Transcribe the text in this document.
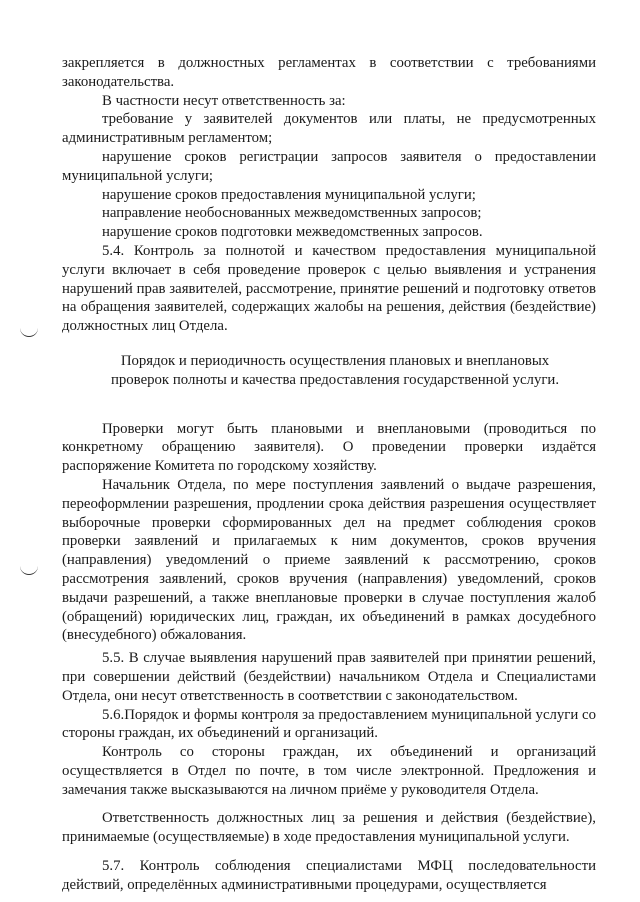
закрепляется в должностных регламентах в соответствии с требованиями законодательства.

В частности несут ответственность за:

требование у заявителей документов или платы, не предусмотренных административным регламентом;

нарушение сроков регистрации запросов заявителя о предоставлении муниципальной услуги;

нарушение сроков предоставления муниципальной услуги;

направление необоснованных межведомственных запросов;

нарушение сроков подготовки межведомственных запросов.

5.4. Контроль за полнотой и качеством предоставления муниципальной услуги включает в себя проведение проверок с целью выявления и устранения нарушений прав заявителей, рассмотрение, принятие решений и подготовку ответов на обращения заявителей, содержащих жалобы на решения, действия (бездействие) должностных лиц Отдела.

Порядок и периодичность осуществления плановых и внеплановых проверок полноты и качества предоставления государственной услуги.

Проверки могут быть плановыми и внеплановыми (проводиться по конкретному обращению заявителя). О проведении проверки издаётся распоряжение Комитета по городскому хозяйству.

Начальник Отдела, по мере поступления заявлений о выдаче разрешения, переоформлении разрешения, продлении срока действия разрешения осуществляет выборочные проверки сформированных дел на предмет соблюдения сроков проверки заявлений и прилагаемых к ним документов, сроков вручения (направления) уведомлений о приеме заявлений к рассмотрению, сроков рассмотрения заявлений, сроков вручения (направления) уведомлений, сроков выдачи разрешений, а также внеплановые проверки в случае поступления жалоб (обращений) юридических лиц, граждан, их объединений в рамках досудебного (внесудебного) обжалования.

5.5. В случае выявления нарушений прав заявителей при принятии решений, при совершении действий (бездействии) начальником Отдела и Специалистами Отдела, они несут ответственность в соответствии с законодательством.

5.6.Порядок и формы контроля за предоставлением муниципальной услуги со стороны граждан, их объединений и организаций.

Контроль со стороны граждан, их объединений и организаций осуществляется в Отдел по почте, в том числе электронной. Предложения и замечания также высказываются на личном приёме у руководителя Отдела.

Ответственность должностных лиц за решения и действия (бездействие), принимаемые (осуществляемые) в ходе предоставления муниципальной услуги.

5.7. Контроль соблюдения специалистами МФЦ последовательности действий, определённых административными процедурами, осуществляется
